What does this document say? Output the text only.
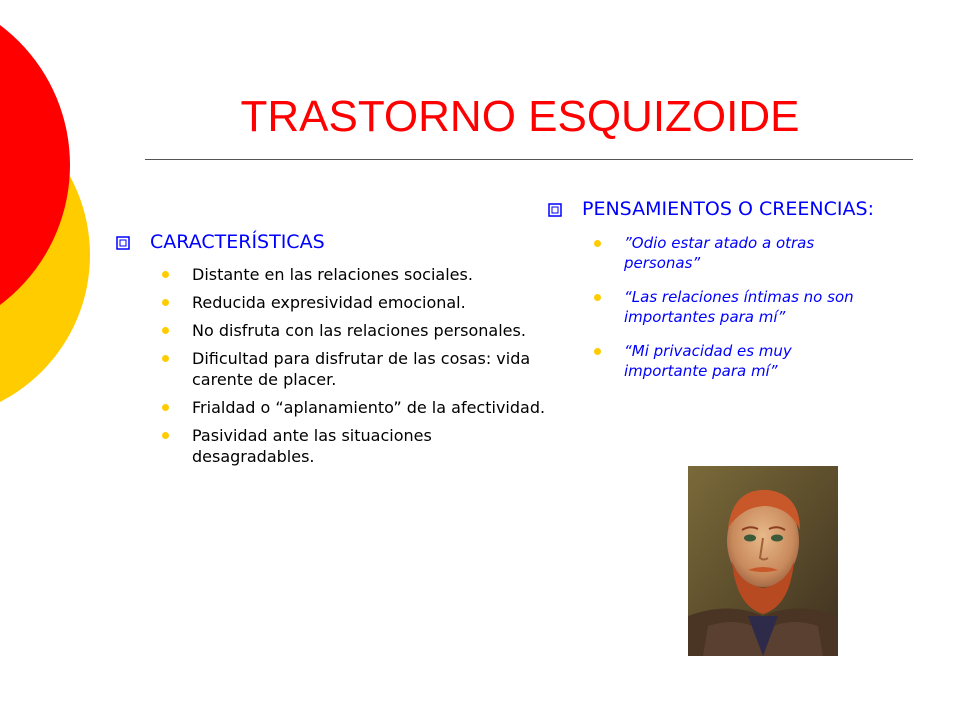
TRASTORNO ESQUIZOIDE
CARACTERÍSTICAS
Distante en las relaciones sociales.
Reducida expresividad emocional.
No disfruta con las relaciones personales.
Dificultad para disfrutar de las cosas: vida carente de placer.
Frialdad o “aplanamiento” de la afectividad.
Pasividad ante las situaciones desagradables.
PENSAMIENTOS O CREENCIAS:
”Odio estar atado a otras personas”
“Las relaciones íntimas no son importantes para mí”
“Mi privacidad es muy importante para mí”
